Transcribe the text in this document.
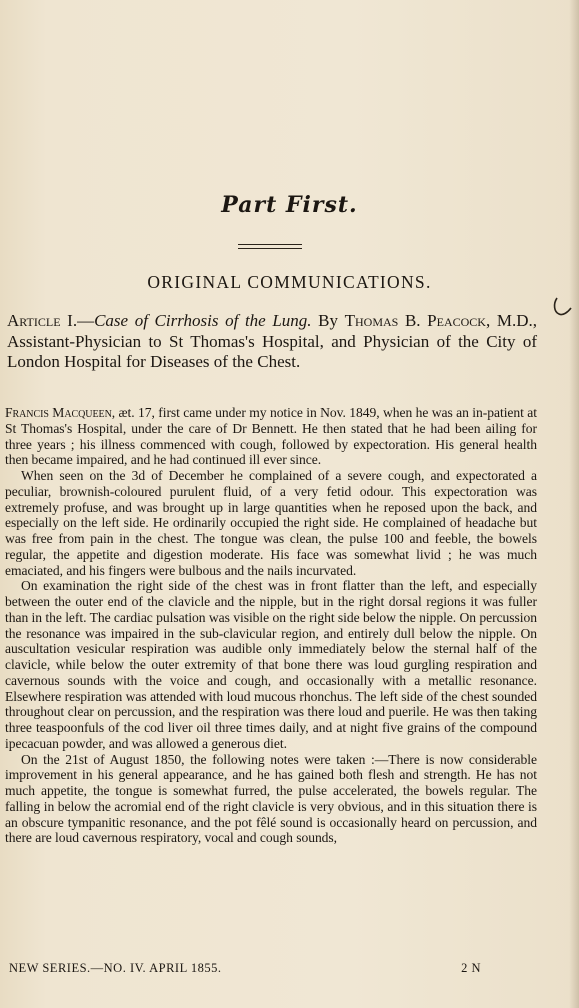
Part First.
ORIGINAL COMMUNICATIONS.
Article I.—Case of Cirrhosis of the Lung. By Thomas B. Peacock, M.D., Assistant-Physician to St Thomas's Hospital, and Physician of the City of London Hospital for Diseases of the Chest.

Francis Macqueen, æt. 17, first came under my notice in Nov. 1849, when he was an in-patient at St Thomas's Hospital, under the care of Dr Bennett. He then stated that he had been ailing for three years ; his illness commenced with cough, followed by expectoration. His general health then became impaired, and he had continued ill ever since.

When seen on the 3d of December he complained of a severe cough, and expectorated a peculiar, brownish-coloured purulent fluid, of a very fetid odour. This expectoration was extremely profuse, and was brought up in large quantities when he reposed upon the back, and especially on the left side. He ordinarily occupied the right side. He complained of headache but was free from pain in the chest. The tongue was clean, the pulse 100 and feeble, the bowels regular, the appetite and digestion moderate. His face was somewhat livid ; he was much emaciated, and his fingers were bulbous and the nails incurvated.

On examination the right side of the chest was in front flatter than the left, and especially between the outer end of the clavicle and the nipple, but in the right dorsal regions it was fuller than in the left. The cardiac pulsation was visible on the right side below the nipple. On percussion the resonance was impaired in the sub-clavicular region, and entirely dull below the nipple. On auscultation vesicular respiration was audible only immediately below the sternal half of the clavicle, while below the outer extremity of that bone there was loud gurgling respiration and cavernous sounds with the voice and cough, and occasionally with a metallic resonance. Elsewhere respiration was attended with loud mucous rhonchus. The left side of the chest sounded throughout clear on percussion, and the respiration was there loud and puerile. He was then taking three teaspoonfuls of the cod liver oil three times daily, and at night five grains of the compound ipecacuan powder, and was allowed a generous diet.

On the 21st of August 1850, the following notes were taken :—There is now considerable improvement in his general appearance, and he has gained both flesh and strength. He has not much appetite, the tongue is somewhat furred, the pulse accelerated, the bowels regular. The falling in below the acromial end of the right clavicle is very obvious, and in this situation there is an obscure tympanitic resonance, and the pot fêlé sound is occasionally heard on percussion, and there are loud cavernous respiratory, vocal and cough sounds,

NEW SERIES.—NO. IV. APRIL 1855.	2 N
